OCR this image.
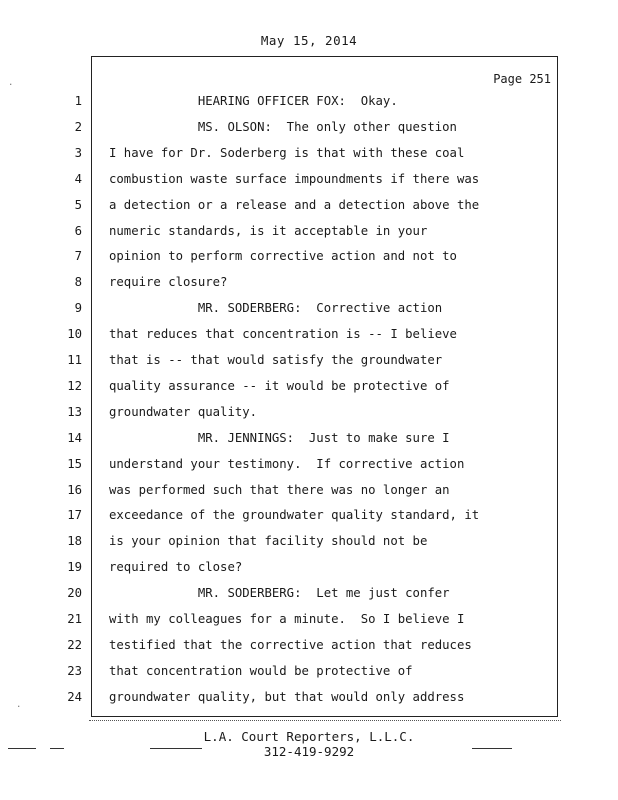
May 15, 2014
Page 251
1 HEARING OFFICER FOX:  Okay.
2 MS. OLSON:  The only other question
3 I have for Dr. Soderberg is that with these coal
4 combustion waste surface impoundments if there was
5 a detection or a release and a detection above the
6 numeric standards, is it acceptable in your
7 opinion to perform corrective action and not to
8 require closure?
9 MR. SODERBERG:  Corrective action
10 that reduces that concentration is -- I believe
11 that is -- that would satisfy the groundwater
12 quality assurance -- it would be protective of
13 groundwater quality.
14 MR. JENNINGS:  Just to make sure I
15 understand your testimony.  If corrective action
16 was performed such that there was no longer an
17 exceedance of the groundwater quality standard, it
18 is your opinion that facility should not be
19 required to close?
20 MR. SODERBERG:  Let me just confer
21 with my colleagues for a minute.  So I believe I
22 testified that the corrective action that reduces
23 that concentration would be protective of
24 groundwater quality, but that would only address
L.A. Court Reporters, L.L.C.
312-419-9292
.
.
